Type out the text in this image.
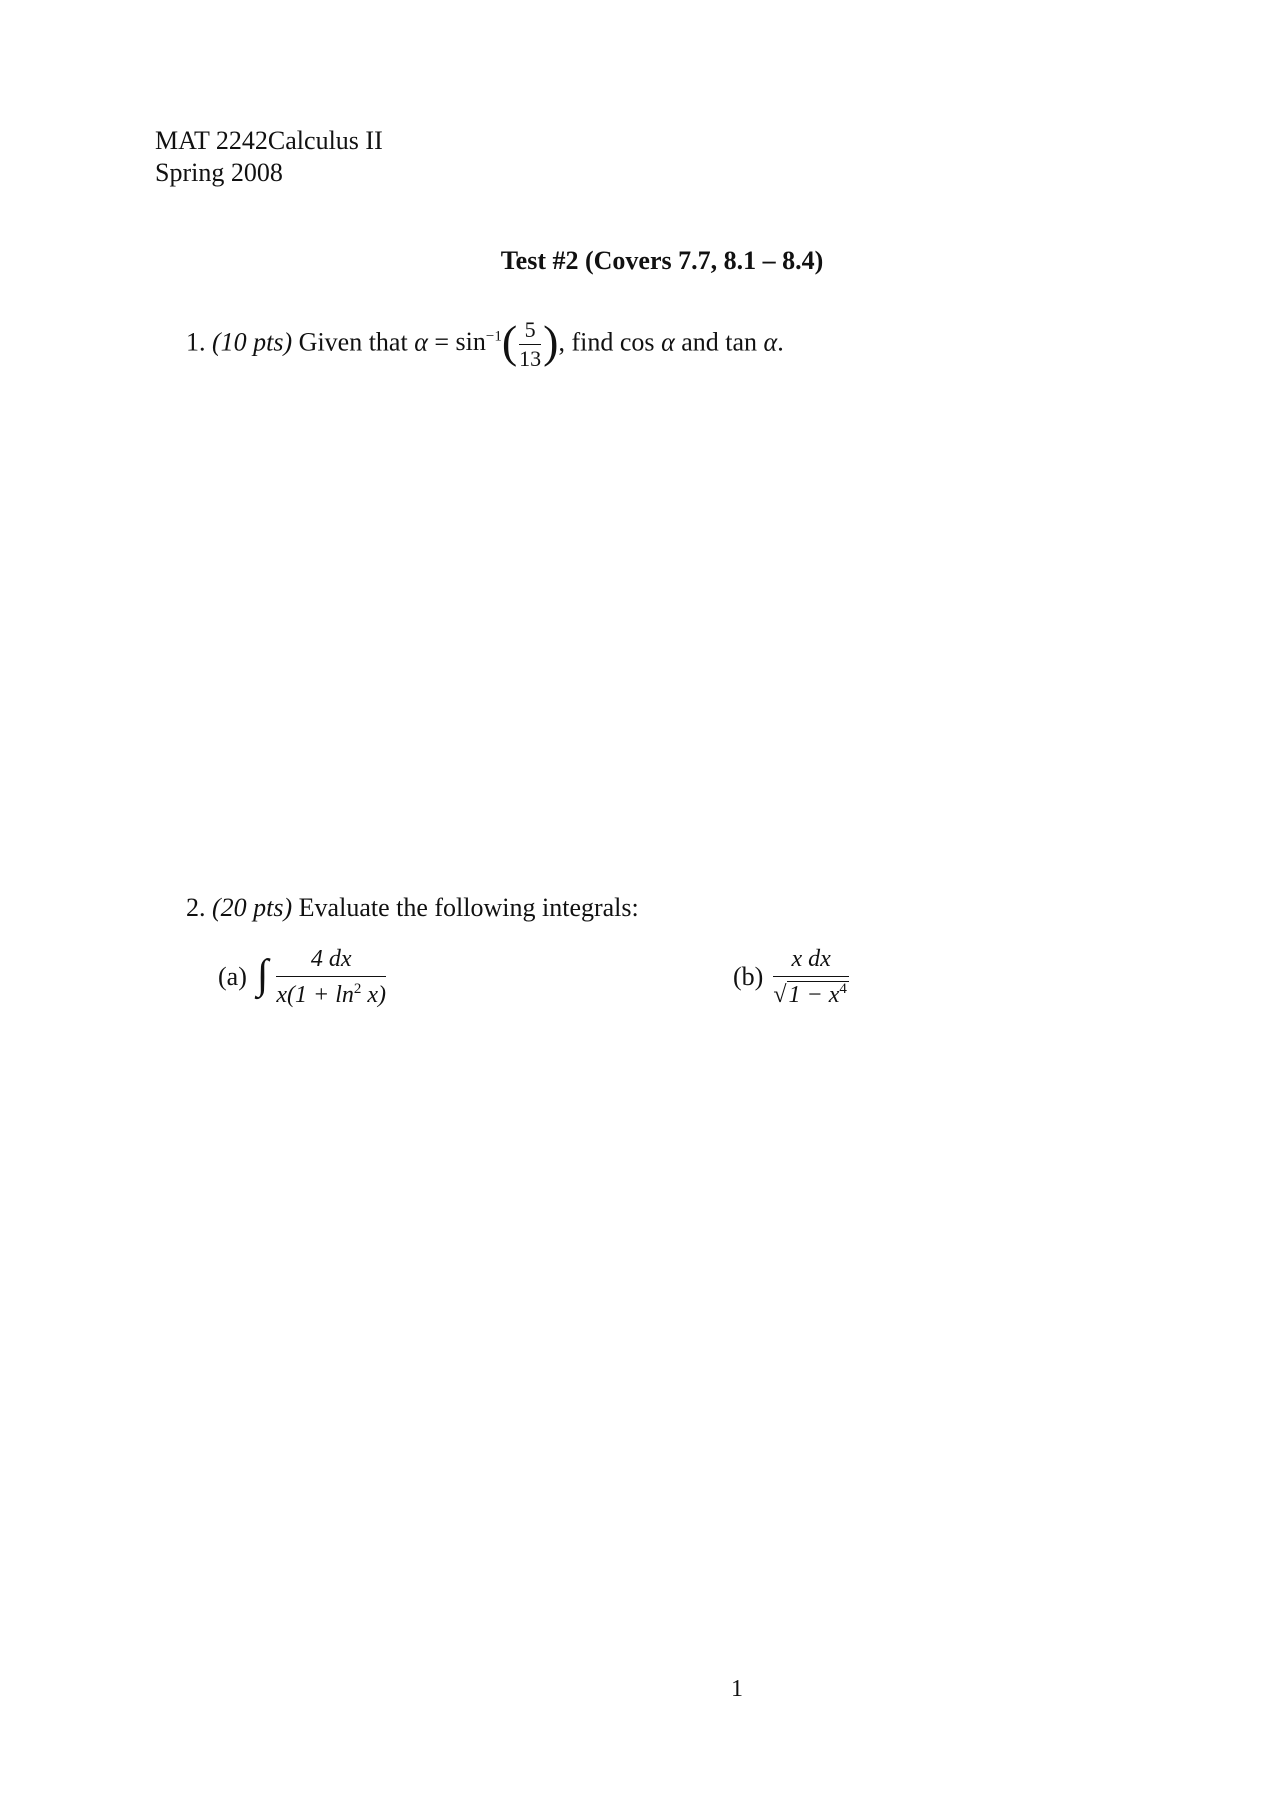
MAT 2242Calculus II
Spring 2008
Test #2 (Covers 7.7, 8.1 – 8.4)
1. (10 pts) Given that $\alpha = \sin^{-1}( \frac{5}{13}$ ), find cos α and tan α.
2. (20 pts) Evaluate the following integrals:
(a) ∫ $\frac{4 dx}{x(1 + \ln^2 x)}$	$(b) \frac{\text{x dx}}{√1 - x^4}$
1
